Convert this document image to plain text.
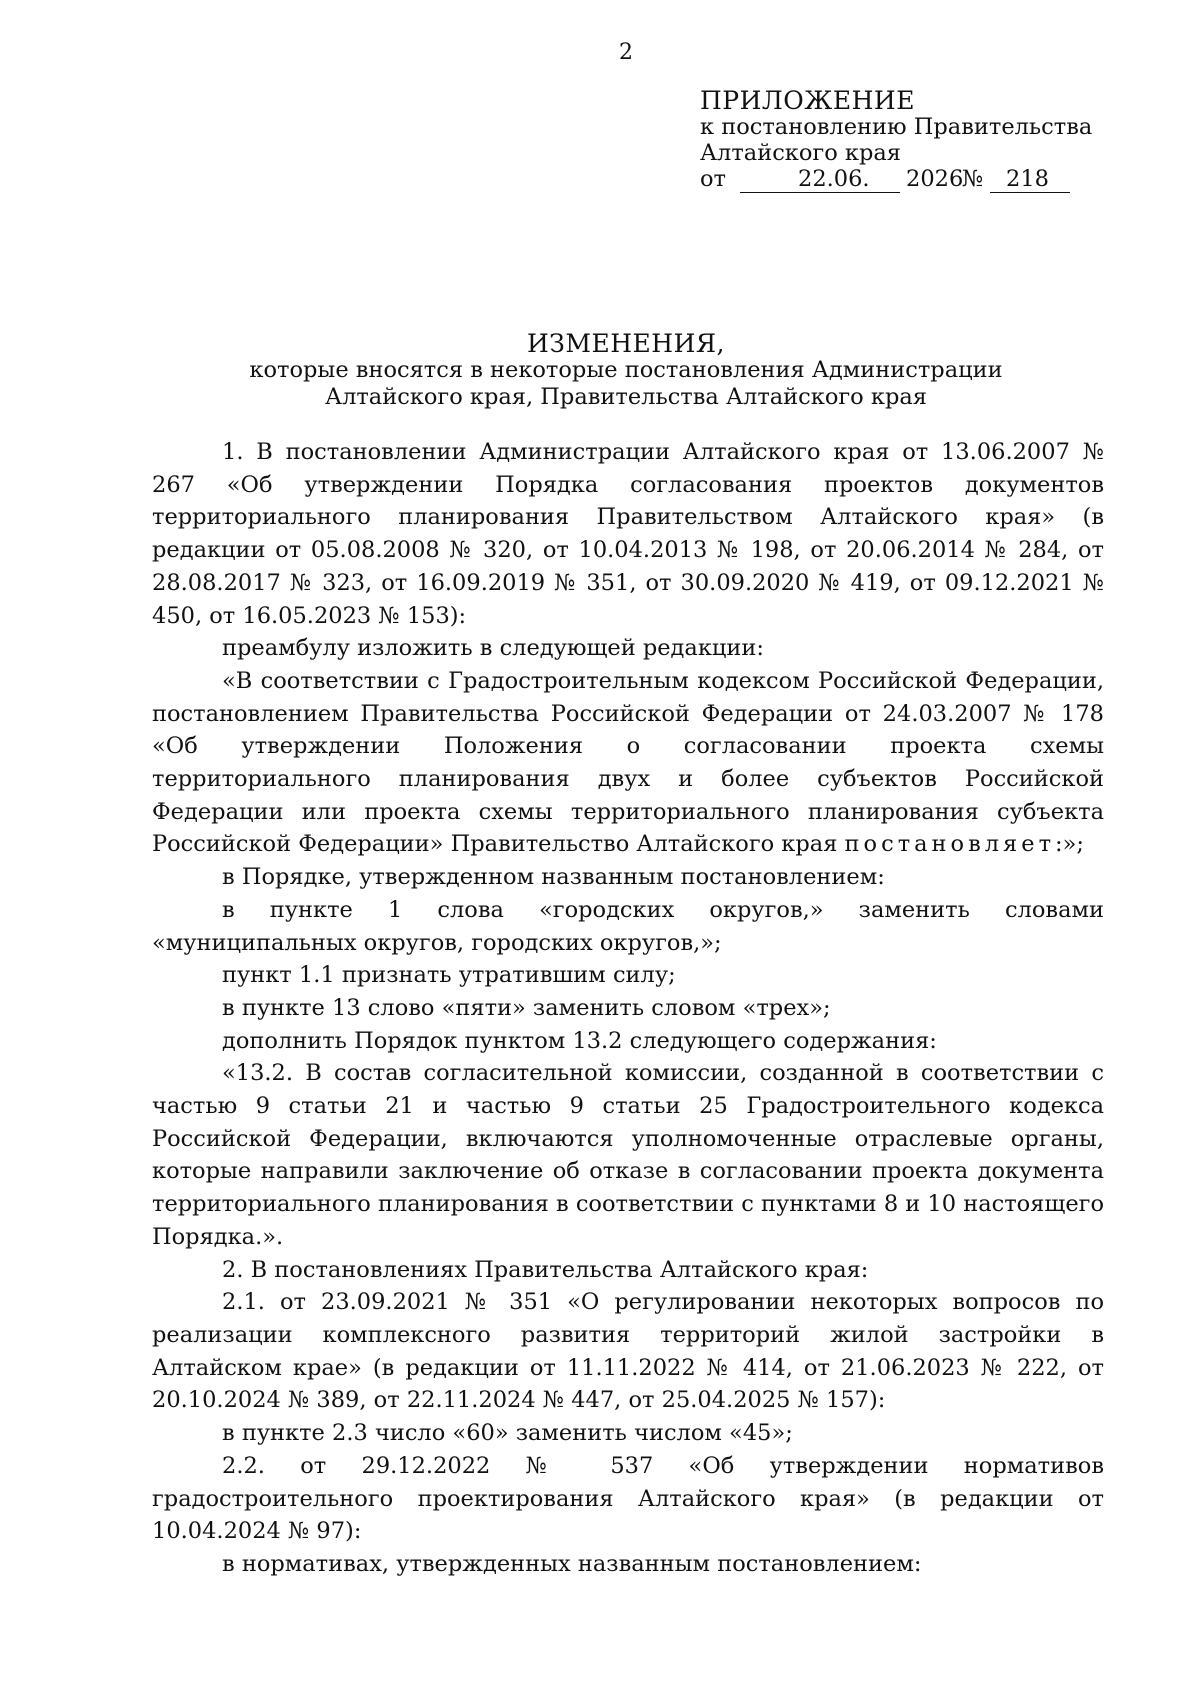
2
ПРИЛОЖЕНИЕ
к постановлению Правительства
Алтайского края
от	22.06. 2026
№ 218
ИЗМЕНЕНИЯ,
которые вносятся в некоторые постановления Администрации
Алтайского края, Правительства Алтайского края

1. В постановлении Администрации Алтайского края от 13.06.2007 № 267 «Об утверждении Порядка согласования проектов документов территориального планирования Правительством Алтайского края» (в редакции от 05.08.2008 № 320, от 10.04.2013 № 198, от 20.06.2014 № 284, от 28.08.2017 № 323, от 16.09.2019 № 351, от 30.09.2020 № 419, от 09.12.2021 № 450, от 16.05.2023 № 153):

преамбулу изложить в следующей редакции:

«В соответствии с Градостроительным кодексом Российской Федерации, постановлением Правительства Российской Федерации от 24.03.2007 № 178 «Об утверждении Положения о согласовании проекта схемы территориального планирования двух и более субъектов Российской Федерации или проекта схемы территориального планирования субъекта Российской Федерации» Правительство Алтайского края постановляет:»;

в Порядке, утвержденном названным постановлением:

в пункте 1 слова «городских округов,» заменить словами «муниципальных округов, городских округов,»;

пункт 1.1 признать утратившим силу;

в пункте 13 слово «пяти» заменить словом «трех»;

дополнить Порядок пунктом 13.2 следующего содержания:

«13.2. В состав согласительной комиссии, созданной в соответствии с частью 9 статьи 21 и частью 9 статьи 25 Градостроительного кодекса Российской Федерации, включаются уполномоченные отраслевые органы, которые направили заключение об отказе в согласовании проекта документа территориального планирования в соответствии с пунктами 8 и 10 настоящего Порядка.».

2. В постановлениях Правительства Алтайского края:

2.1. от 23.09.2021 № 351 «О регулировании некоторых вопросов по реализации комплексного развития территорий жилой застройки в Алтайском крае» (в редакции от 11.11.2022 № 414, от 21.06.2023 № 222, от 20.10.2024 № 389, от 22.11.2024 № 447, от 25.04.2025 № 157):

в пункте 2.3 число «60» заменить числом «45»;

2.2. от 29.12.2022 № 537 «Об утверждении нормативов градостроительного проектирования Алтайского края» (в редакции от 10.04.2024 № 97):

в нормативах, утвержденных названным постановлением:
